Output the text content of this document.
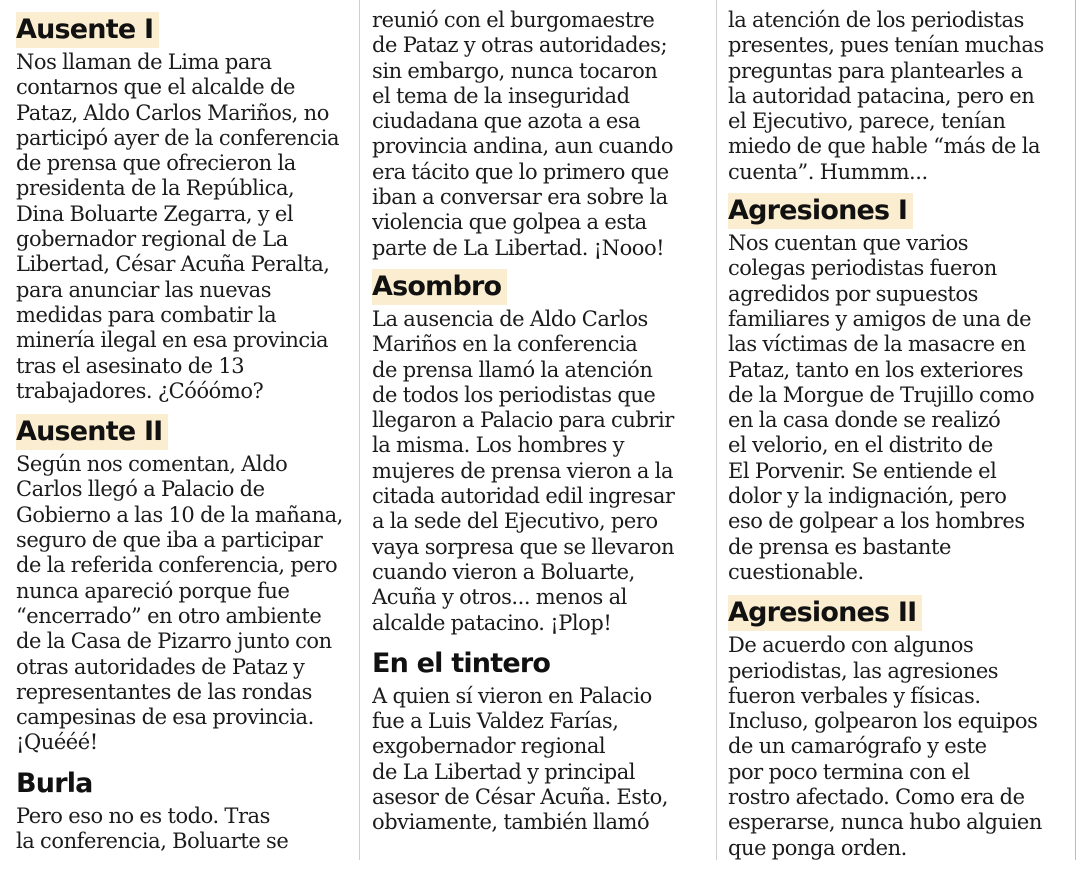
Ausente I

Nos llaman de Lima para
contarnos que el alcalde de
Pataz, Aldo Carlos Mariños, no
participó ayer de la conferencia
de prensa que ofrecieron la
presidenta de la República,
Dina Boluarte Zegarra, y el
gobernador regional de La
Libertad, César Acuña Peralta,
para anunciar las nuevas
medidas para combatir la
minería ilegal en esa provincia
tras el asesinato de 13
trabajadores. ¿Cóóómo?

Ausente II

Según nos comentan, Aldo
Carlos llegó a Palacio de
Gobierno a las 10 de la mañana,
seguro de que iba a participar
de la referida conferencia, pero
nunca apareció porque fue
“encerrado” en otro ambiente
de la Casa de Pizarro junto con
otras autoridades de Pataz y
representantes de las rondas
campesinas de esa provincia.
¡Quééé!

Burla

Pero eso no es todo. Tras
la conferencia, Boluarte se

reunió con el burgomaestre
de Pataz y otras autoridades;
sin embargo, nunca tocaron
el tema de la inseguridad
ciudadana que azota a esa
provincia andina, aun cuando
era tácito que lo primero que
iban a conversar era sobre la
violencia que golpea a esta
parte de La Libertad. ¡Nooo!

Asombro

La ausencia de Aldo Carlos
Mariños en la conferencia
de prensa llamó la atención
de todos los periodistas que
llegaron a Palacio para cubrir
la misma. Los hombres y
mujeres de prensa vieron a la
citada autoridad edil ingresar
a la sede del Ejecutivo, pero
vaya sorpresa que se llevaron
cuando vieron a Boluarte,
Acuña y otros... menos al
alcalde patacino. ¡Plop!

En el tintero

A quien sí vieron en Palacio
fue a Luis Valdez Farías,
exgobernador regional
de La Libertad y principal
asesor de César Acuña. Esto,
obviamente, también llamó

la atención de los periodistas
presentes, pues tenían muchas
preguntas para plantearles a
la autoridad patacina, pero en
el Ejecutivo, parece, tenían
miedo de que hable “más de la
cuenta”. Hummm...

Agresiones I

Nos cuentan que varios
colegas periodistas fueron
agredidos por supuestos
familiares y amigos de una de
las víctimas de la masacre en
Pataz, tanto en los exteriores
de la Morgue de Trujillo como
en la casa donde se realizó
el velorio, en el distrito de
El Porvenir. Se entiende el
dolor y la indignación, pero
eso de golpear a los hombres
de prensa es bastante
cuestionable.

Agresiones II

De acuerdo con algunos
periodistas, las agresiones
fueron verbales y físicas.
Incluso, golpearon los equipos
de un camarógrafo y este
por poco termina con el
rostro afectado. Como era de
esperarse, nunca hubo alguien
que ponga orden.
